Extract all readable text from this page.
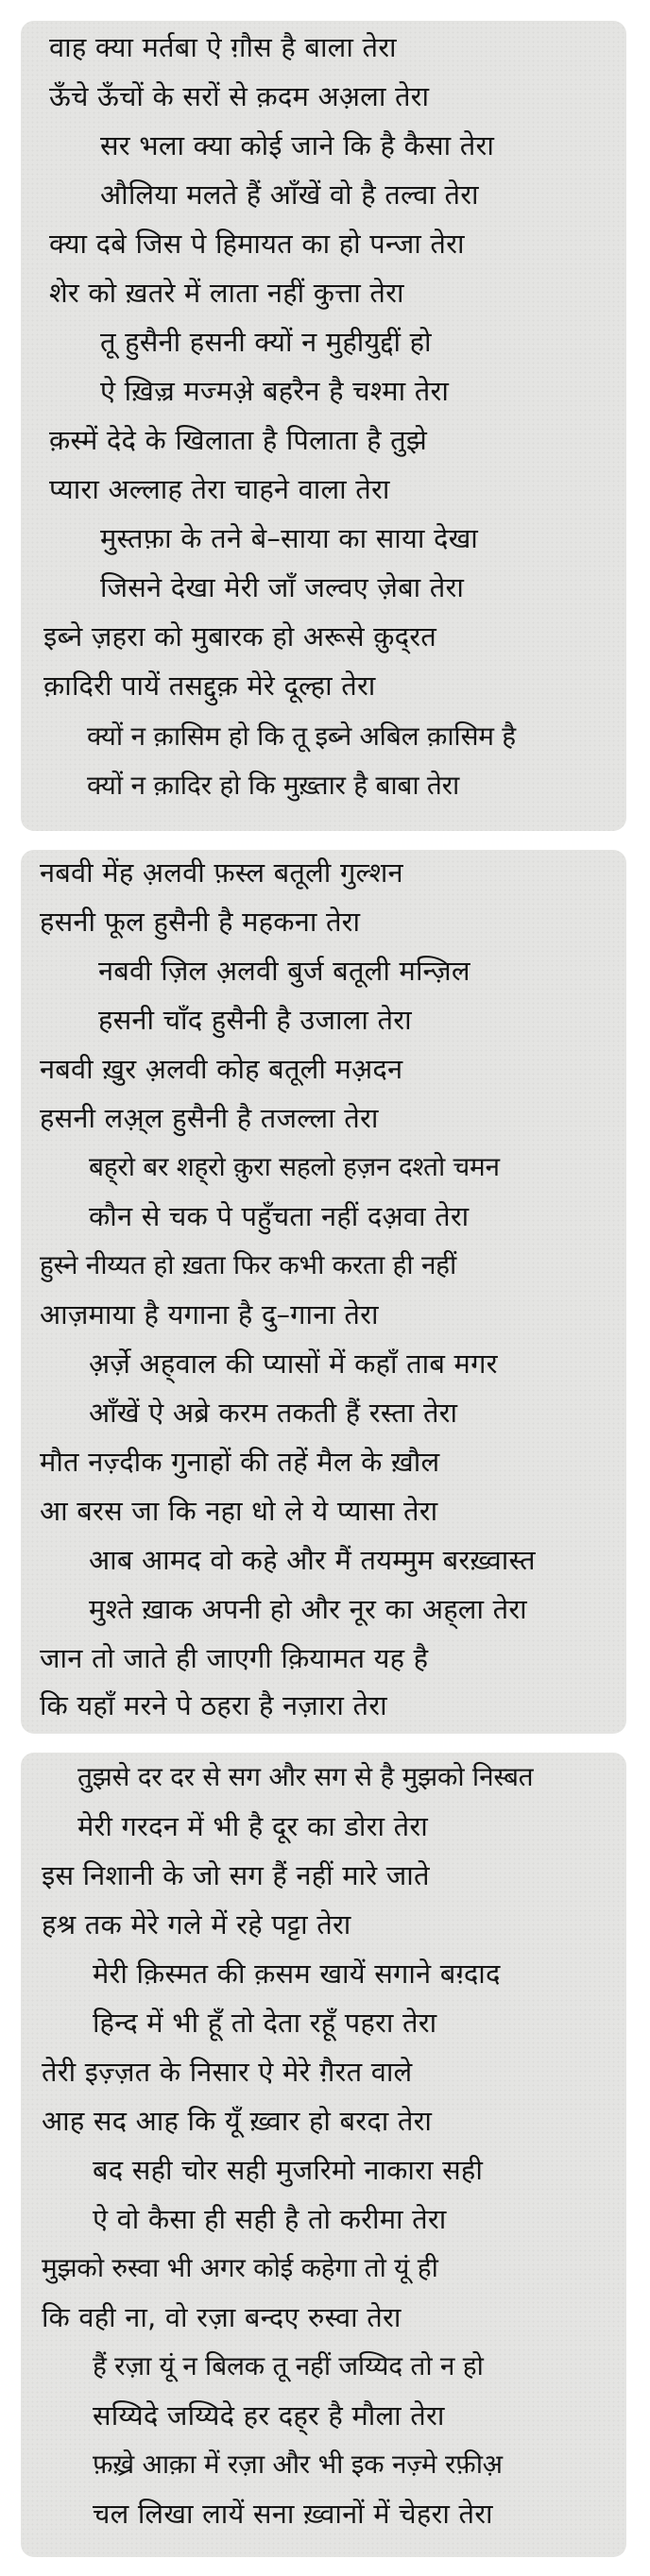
वाह क्या मर्तबा ऐ ग़ौस है बाला तेरा
ऊँचे ऊँचों के सरों से क़दम अअ़ला तेरा
सर भला क्या कोई जाने कि है कैसा तेरा
औलिया मलते हैं आँखें वो है तल्वा तेरा
क्या दबे जिस पे हिमायत का हो पन्जा तेरा
शेर को ख़तरे में लाता नहीं कुत्ता तेरा
तू हुसैनी हसनी क्यों न मुहीयुद्दीं हो
ऐ ख़िज़्र मज्मअ़े बहरैन है चश्मा तेरा
क़स्में देदे के खिलाता है पिलाता है तुझे
प्यारा अल्लाह तेरा चाहने वाला तेरा
मुस्तफ़ा के तने बे–साया का साया देखा
जिसने देखा मेरी जाँ जल्वए ज़ेबा तेरा
इब्ने ज़हरा को मुबारक हो अरूसे क़ुद्‌रत
क़ादिरी पायें तसद्दुक़ मेरे दूल्हा तेरा
क्यों न क़ासिम हो कि तू इब्ने अबिल क़ासिम है
क्यों न क़ादिर हो कि मुख़्तार है बाबा तेरा
नबवी मेंह अ़लवी फ़स्ल बतूली गुल्शन
हसनी फूल हुसैनी है महकना तेरा
नबवी ज़िल अ़लवी बुर्ज बतूली मन्ज़िल
हसनी चाँद हुसैनी है उजाला तेरा
नबवी ख़ुर अ़लवी कोह बतूली मअ़दन
हसनी लअ़्ल हुसैनी है तजल्ला तेरा
बह्‌रो बर शह्‌रो क़ुरा सहलो हज़न दश्तो चमन
कौन से चक पे पहुँचता नहीं दअ़वा तेरा
हुस्ने नीय्यत हो ख़ता फिर कभी करता ही नहीं
आज़माया है यगाना है दु–गाना तेरा
अ़र्ज़े अह्‌वाल की प्यासों में कहाँ ताब मगर
आँखें ऐ अब्रे करम तकती हैं रस्ता तेरा
मौत नज़्दीक गुनाहों की तहें मैल के ख़ौल
आ बरस जा कि नहा धो ले ये प्यासा तेरा
आब आमद वो कहे और मैं तयम्मुम बरख़्वास्त
मुश्ते ख़ाक अपनी हो और नूर का अह्‌ला तेरा
जान तो जाते ही जाएगी क़ियामत यह है
कि यहाँ मरने पे ठहरा है नज़ारा तेरा
तुझसे दर दर से सग और सग से है मुझको निस्बत
मेरी गरदन में भी है दूर का डोरा तेरा
इस निशानी के जो सग हैं नहीं मारे जाते
हश्र तक मेरे गले में रहे पट्टा तेरा
मेरी क़िस्मत की क़सम खायें सगाने बग़्दाद
हिन्द में भी हूँ तो देता रहूँ पहरा तेरा
तेरी इज़्ज़त के निसार ऐ मेरे ग़ैरत वाले
आह सद आह कि यूँ ख़्वार हो बरदा तेरा
बद सही चोर सही मुजरिमो नाकारा सही
ऐ वो कैसा ही सही है तो करीमा तेरा
मुझको रुस्वा भी अगर कोई कहेगा तो यूं ही
कि वही ना, वो रज़ा बन्दए रुस्वा तेरा
हैं रज़ा यूं न बिलक तू नहीं जय्यिद तो न हो
सय्यिदे जय्यिदे हर दह्‌र है मौला तेरा
फ़ख़्रे आक़ा में रज़ा और भी इक नज़्मे रफ़ीअ़
चल लिखा लायें सना ख़्वानों में चेहरा तेरा
